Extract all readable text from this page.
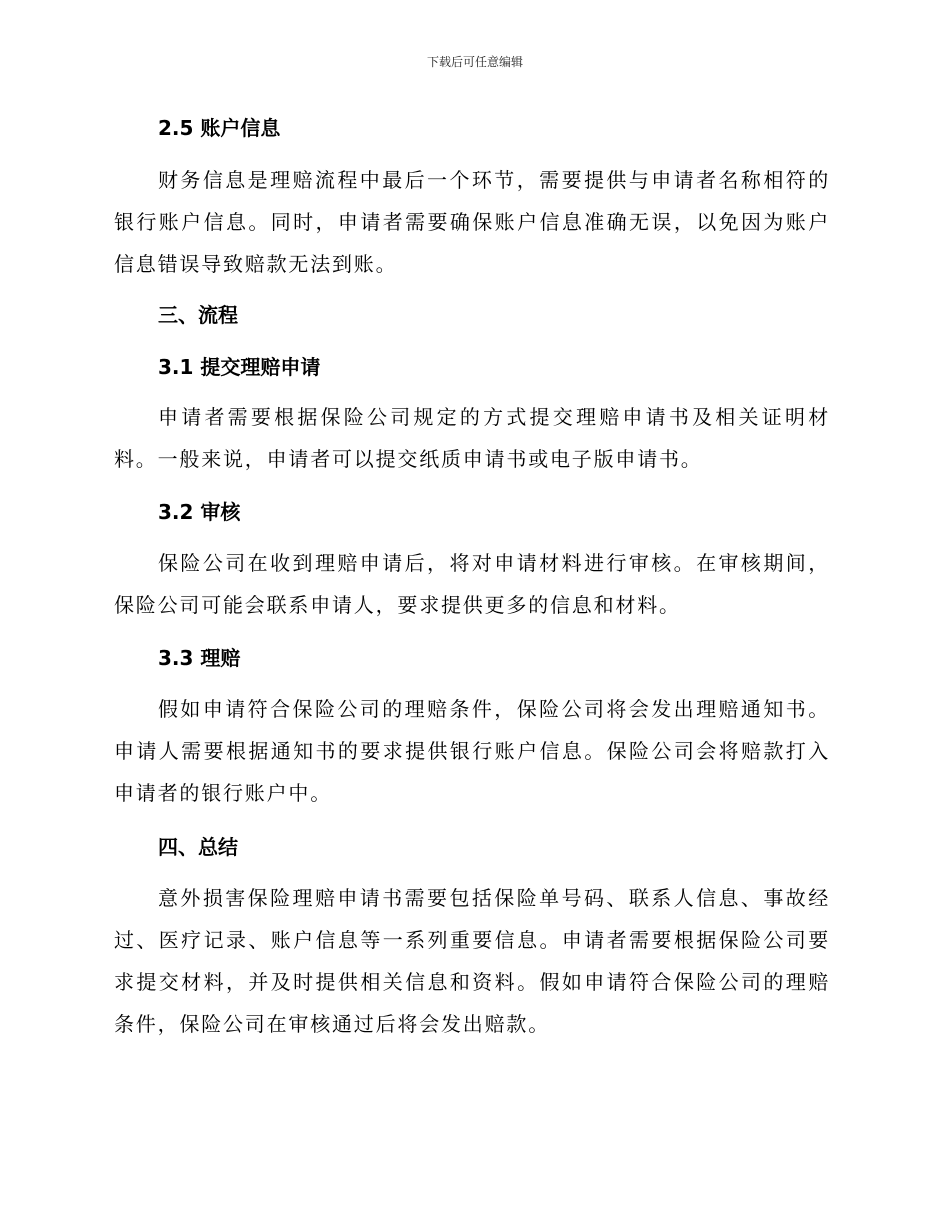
下载后可任意编辑
2.5 账户信息
财务信息是理赔流程中最后一个环节，需要提供与申请者名称相符的银行账户信息。同时，申请者需要确保账户信息准确无误，以免因为账户信息错误导致赔款无法到账。
三、流程
3.1 提交理赔申请
申请者需要根据保险公司规定的方式提交理赔申请书及相关证明材料。一般来说，申请者可以提交纸质申请书或电子版申请书。
3.2 审核
保险公司在收到理赔申请后，将对申请材料进行审核。在审核期间，保险公司可能会联系申请人，要求提供更多的信息和材料。
3.3 理赔
假如申请符合保险公司的理赔条件，保险公司将会发出理赔通知书。申请人需要根据通知书的要求提供银行账户信息。保险公司会将赔款打入申请者的银行账户中。
四、总结
意外损害保险理赔申请书需要包括保险单号码、联系人信息、事故经过、医疗记录、账户信息等一系列重要信息。申请者需要根据保险公司要求提交材料，并及时提供相关信息和资料。假如申请符合保险公司的理赔条件，保险公司在审核通过后将会发出赔款。
